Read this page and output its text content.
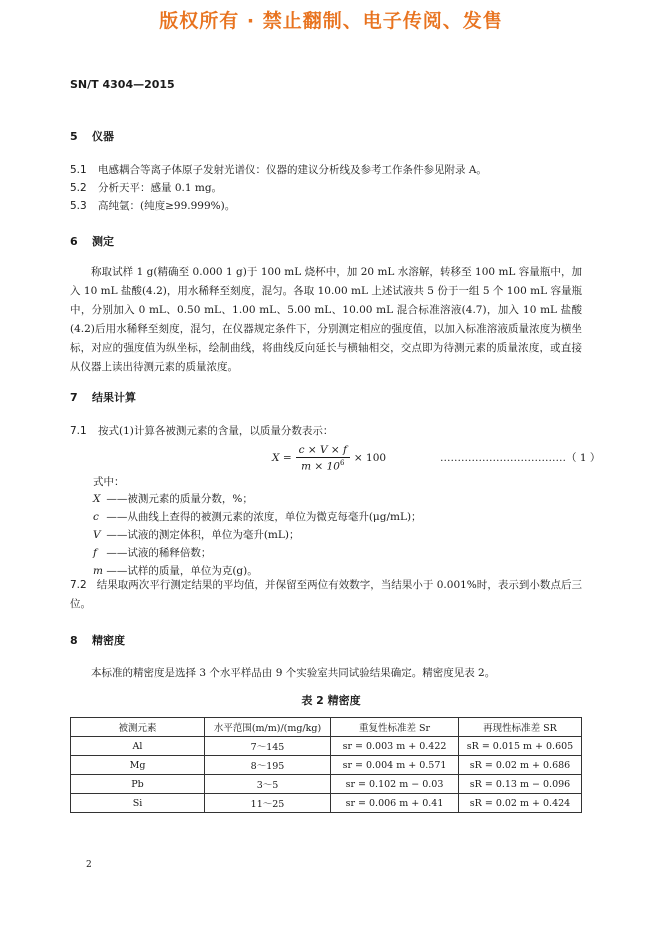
版权所有 · 禁止翻制、电子传阅、发售
SN/T 4304—2015
5 仪器
5.1 电感耦合等离子体原子发射光谱仪：仪器的建议分析线及参考工作条件参见附录 A。
5.2 分析天平：感量 0.1 mg。
5.3 高纯氩：(纯度≥99.999%)。
6 测定
称取试样 1 g(精确至 0.000 1 g)于 100 mL 烧杯中，加 20 mL 水溶解，转移至 100 mL 容量瓶中，加入 10 mL 盐酸(4.2)，用水稀释至刻度，混匀。各取 10.00 mL 上述试液共 5 份于一组 5 个 100 mL 容量瓶中，分别加入 0 mL、0.50 mL、1.00 mL、5.00 mL、10.00 mL 混合标准溶液(4.7)，加入 10 mL 盐酸(4.2)后用水稀释至刻度，混匀，在仪器规定条件下，分别测定相应的强度值，以加入标准溶液质量浓度为横坐标，对应的强度值为纵坐标，绘制曲线，将曲线反向延长与横轴相交，交点即为待测元素的质量浓度，或直接从仪器上读出待测元素的质量浓度。
7 结果计算
7.1 按式(1)计算各被测元素的含量，以质量分数表示：
$X = \frac{c \times V \times f}{m \times 10^6} \times 100$	………………………………（ 1 ）
式中：
X ——被测元素的质量分数，%；
c ——从曲线上查得的被测元素的浓度，单位为微克每毫升(μg/mL)；
V ——试液的测定体积，单位为毫升(mL)；
f ——试液的稀释倍数；
m ——试样的质量，单位为克(g)。
7.2 结果取两次平行测定结果的平均值，并保留至两位有效数字，当结果小于 0.001%时，表示到小数点后三位。
8 精密度
本标准的精密度是选择 3 个水平样品由 9 个实验室共同试验结果确定。精密度见表 2。
表 2 精密度
被测元素	水平范围(m/m)/(mg/kg)	重复性标准差 Sr	再现性标准差 SR
Al	7～145	sr = 0.003 m + 0.422	sR = 0.015 m + 0.605
Mg	8～195	sr = 0.004 m + 0.571	sR = 0.02 m + 0.686
Pb	3～5	sr = 0.102 m − 0.03	sR = 0.13 m − 0.096
Si	11～25	sr = 0.006 m + 0.41	sR = 0.02 m + 0.424
2
